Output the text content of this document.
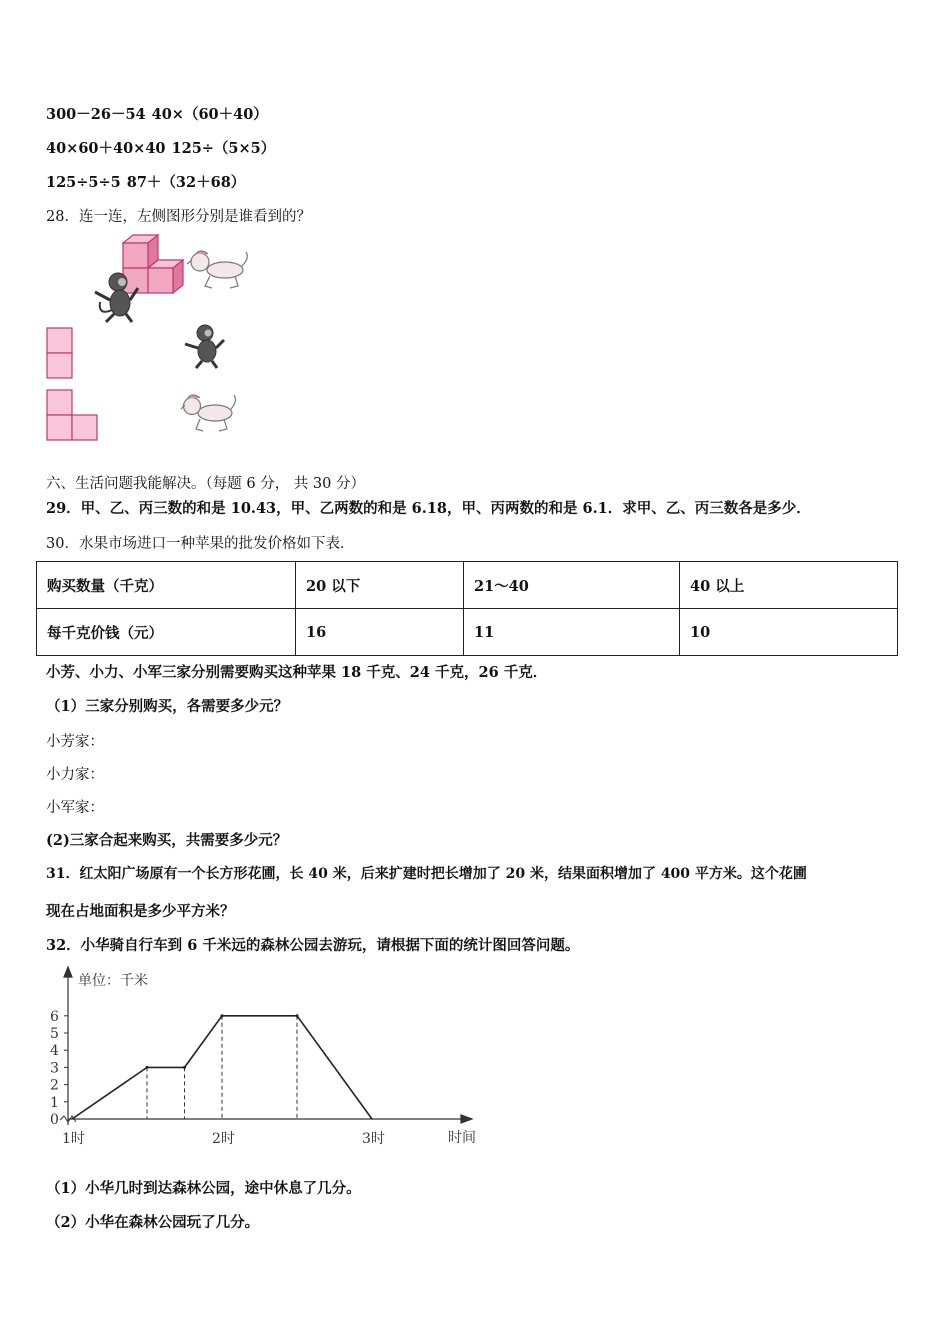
300－26－54 40×（60＋40）
40×60＋40×40 125÷（5×5）
125÷5÷5 87＋（32＋68）
28．连一连，左侧图形分别是谁看到的？
六、生活问题我能解决。（每题 6 分， 共 30 分）
29．甲、乙、丙三数的和是 10.43，甲、乙两数的和是 6.18，甲、丙两数的和是 6.1．求甲、乙、丙三数各是多少．
30．水果市场进口一种苹果的批发价格如下表．
购买数量（千克）	20 以下	21～40	40 以上
每千克价钱（元）	16	11	10
小芳、小力、小军三家分别需要购买这种苹果 18 千克、24 千克，26 千克．
（1）三家分别购买，各需要多少元？
小芳家：
小力家：
小军家：
(2)三家合起来购买，共需要多少元？
31．红太阳广场原有一个长方形花圃，长 40 米，后来扩建时把长增加了 20 米，结果面积增加了 400 平方米。这个花圃
现在占地面积是多少平方米？
32．小华骑自行车到 6 千米远的森林公园去游玩，请根据下面的统计图回答问题。
单位：千米
时间
0
1
2
3
4
5
6
1时	2时	3时
（1）小华几时到达森林公园，途中休息了几分。
（2）小华在森林公园玩了几分。
